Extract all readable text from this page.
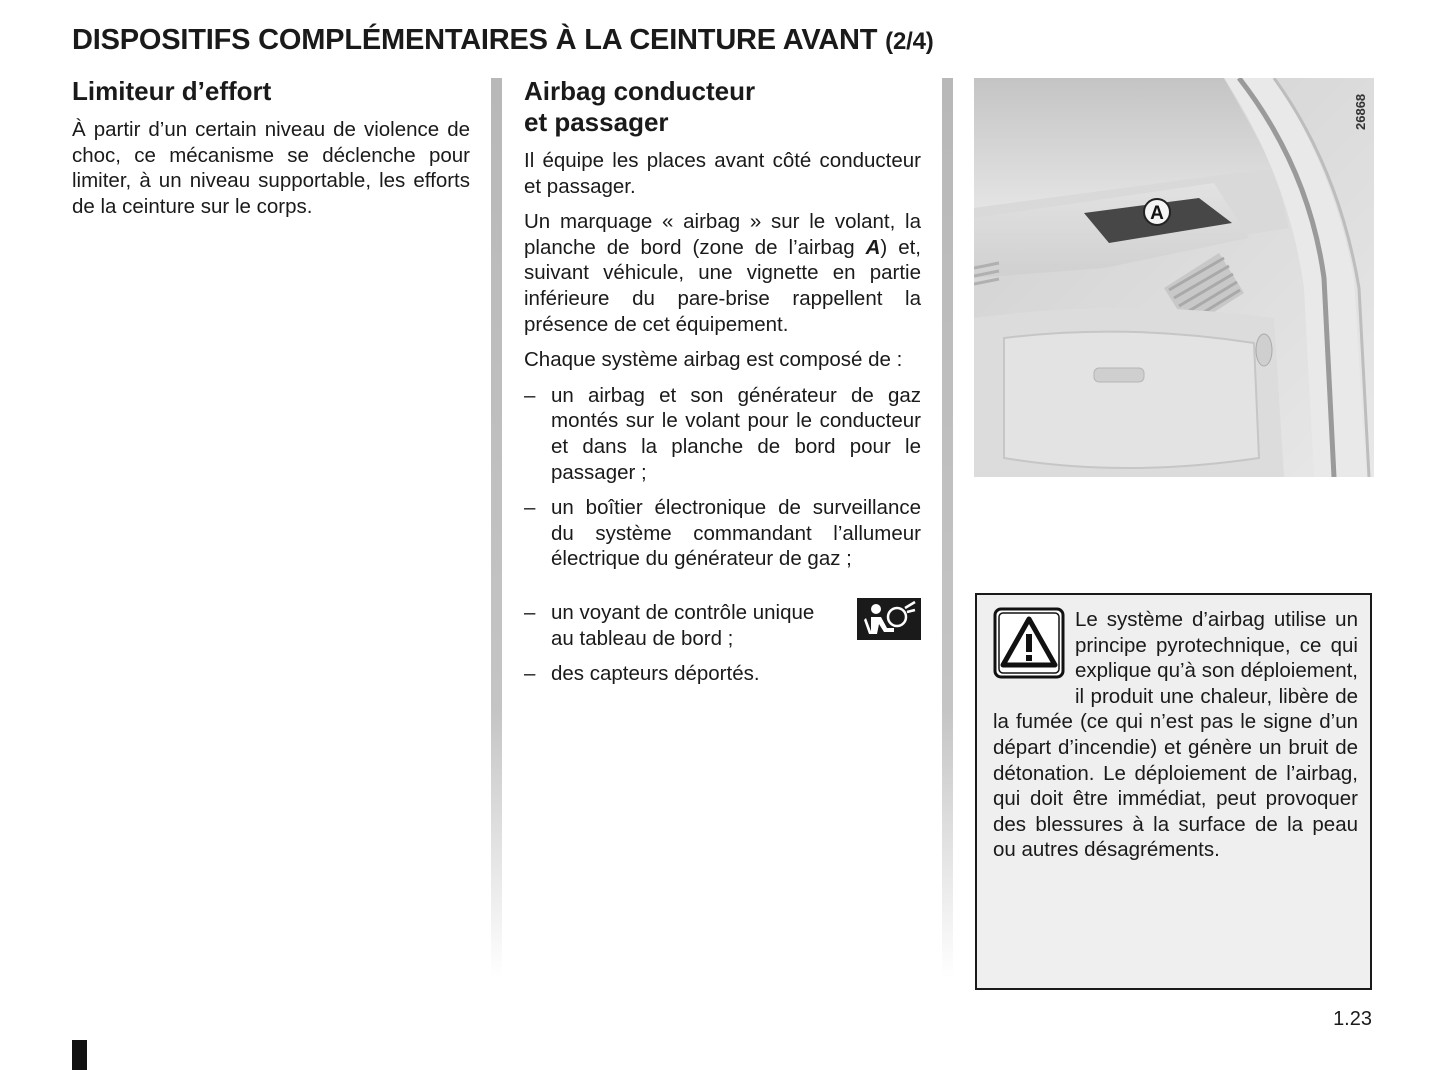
DISPOSITIFS COMPLÉMENTAIRES À LA CEINTURE AVANT (2/4)
Limiteur d’effort

À partir d’un certain niveau de violence de choc, ce mécanisme se déclenche pour limiter, à un niveau supportable, les efforts de la ceinture sur le corps.

Airbag conducteur
et passager

Il équipe les places avant côté conducteur et passager.

Un marquage « airbag » sur le volant, la planche de bord (zone de l’airbag A) et, suivant véhicule, une vignette en partie inférieure du pare-brise rappellent la présence de cet équipement.

Chaque système airbag est composé de :

– un airbag et son générateur de gaz montés sur le volant pour le conducteur et dans la planche de bord pour le passager ;
– un boîtier électronique de surveillance du système commandant l’allumeur électrique du générateur de gaz ;
– un voyant de contrôle unique au tableau de bord ;
– des capteurs déportés.
A
26868
Le système d’airbag utilise un principe pyrotechnique, ce qui explique qu’à son déploiement, il produit une chaleur, libère de la fumée (ce qui n’est pas le signe d’un départ d’incendie) et génère un bruit de détonation. Le déploiement de l’airbag, qui doit être immédiat, peut provoquer des blessures à la surface de la peau ou autres désagréments.
1.23
